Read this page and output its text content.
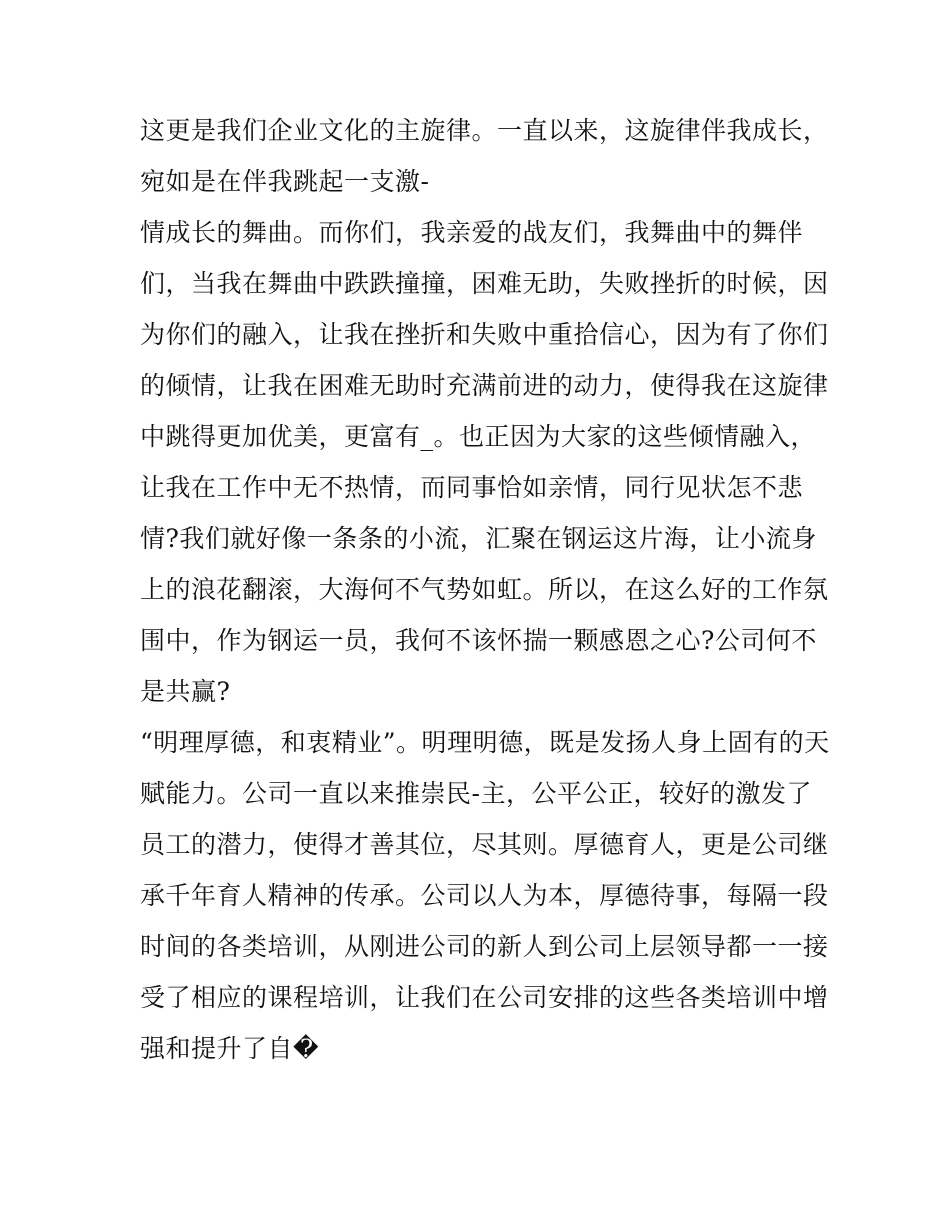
这更是我们企业文化的主旋律。一直以来，这旋律伴我成长，
宛如是在伴我跳起一支激-
情成长的舞曲。而你们，我亲爱的战友们，我舞曲中的舞伴
们，当我在舞曲中跌跌撞撞，困难无助，失败挫折的时候，因
为你们的融入，让我在挫折和失败中重拾信心，因为有了你们
的倾情，让我在困难无助时充满前进的动力，使得我在这旋律
中跳得更加优美，更富有_。也正因为大家的这些倾情融入，
让我在工作中无不热情，而同事恰如亲情，同行见状怎不悲
情?我们就好像一条条的小流，汇聚在钢运这片海，让小流身
上的浪花翻滚，大海何不气势如虹。所以，在这么好的工作氛
围中，作为钢运一员，我何不该怀揣一颗感恩之心?公司何不
是共赢?
“明理厚德，和衷精业”。明理明德，既是发扬人身上固有的天
赋能力。公司一直以来推崇民-主，公平公正，较好的激发了
员工的潜力，使得才善其位，尽其则。厚德育人，更是公司继
承千年育人精神的传承。公司以人为本，厚德待事，每隔一段
时间的各类培训，从刚进公司的新人到公司上层领导都一一接
受了相应的课程培训，让我们在公司安排的这些各类培训中增
强和提升了自�
